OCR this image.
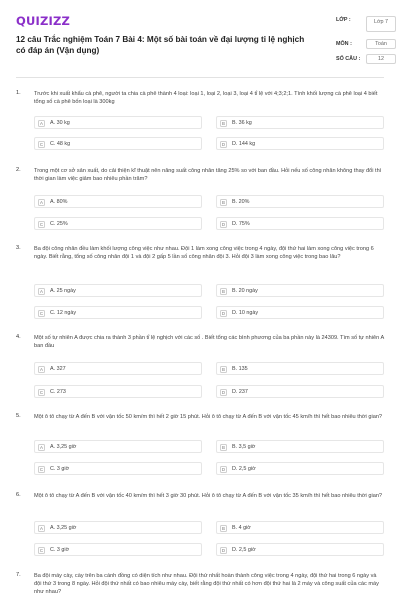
QUIZIZZ
12 câu Trắc nghiệm Toán 7 Bài 4: Một số bài toán về đại lượng tỉ lệ nghịch có đáp án (Vận dụng)
LỚP :	Lớp 7
MÔN :	Toán
SỐ CÂU :	12
1. Trước khi xuất khẩu cà phê, người ta chia cà phê thành 4 loại: loại 1, loại 2, loại 3, loại 4 tỉ lệ với 4;3;2;1. Tính khối lượng cà phê loại 4 biết tổng số cà phê bốn loại là 300kg
A	A. 30 kg	B	B. 36 kg
C	C. 48 kg	D	D. 144 kg
2. Trong một cơ sở sản xuất, do cải thiện kĩ thuật nên năng suất công nhân tăng 25% so với ban đầu. Hỏi nếu số công nhân không thay đổi thì thời gian làm việc giảm bao nhiêu phần trăm?
A	A. 80%	B	B. 20%
C	C. 25%	D	D. 75%
3. Ba đội công nhân đều làm khối lượng công việc như nhau. Đội 1 làm xong công việc trong 4 ngày, đội thứ hai làm xong công việc trong 6 ngày. Biết rằng, tổng số công nhân đội 1 và đội 2 gấp 5 lần số công nhân đội 3. Hỏi đội 3 làm xong công việc trong bao lâu?
A	A. 25 ngày	B	B. 20 ngày
C	C. 12 ngày	D	D. 10 ngày
4. Một số tự nhiên A được chia ra thành 3 phần tỉ lệ nghịch với các số . Biết tổng các bình phương của ba phần này là 24309. Tìm số tự nhiên A ban đầu
A	A. 327	B	B. 135
C	C. 273	D	D. 237
5. Một ô tô chạy từ A đến B với vận tốc 50 km/m thì hết 2 giờ 15 phút. Hỏi ô tô chạy từ A đến B với vận tốc 45 km/h thì hết bao nhiêu thời gian?
A	A. 3,25 giờ	B	B. 3,5 giờ
C	C. 3 giờ	D	D. 2,5 giờ
6. Một ô tô chạy từ A đến B với vận tốc 40 km/m thì hết 3 giờ 30 phút. Hỏi ô tô chạy từ A đến B với vận tốc 35 km/h thì hết bao nhiêu thời gian?
A	A. 3,25 giờ	B	B. 4 giờ
C	C. 3 giờ	D	D. 2,5 giờ
7. Ba đội máy cày, cày trên ba cánh đồng có diện tích như nhau. Đội thứ nhất hoàn thành công việc trong 4 ngày, đội thứ hai trong 6 ngày và đội thứ 3 trong 8 ngày. Hỏi đội thứ nhất có bao nhiêu máy cày, biết rằng đội thứ nhất có hơn đội thứ hai là 2 máy và công suất của các máy như nhau?
